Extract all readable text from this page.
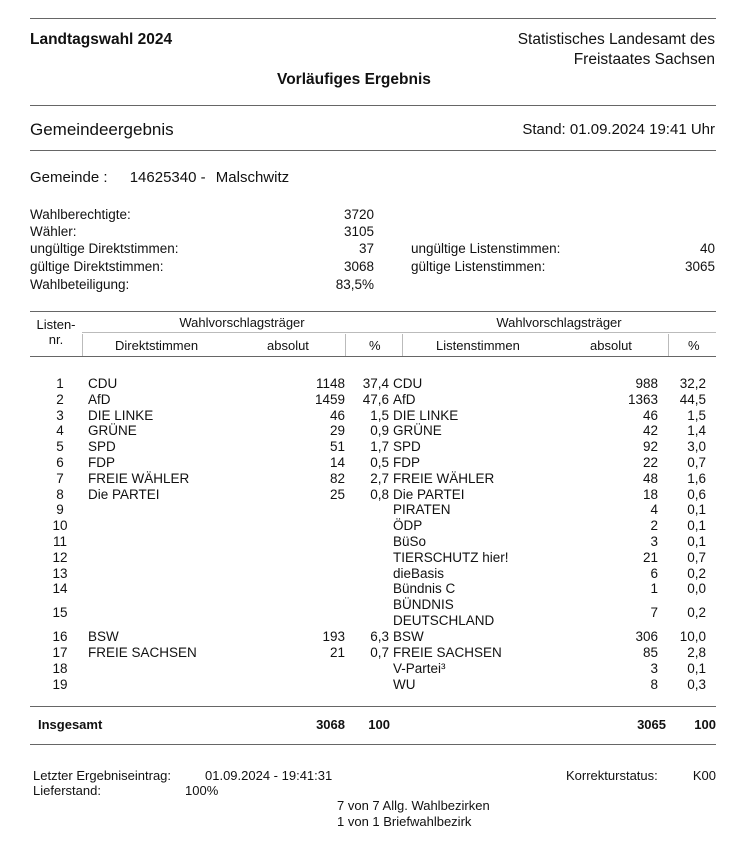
Landtagswahl 2024	Statistisches Landesamt des
Freistaates Sachsen
Vorläufiges Ergebnis
Gemeindeergebnis	Stand: 01.09.2024 19:41 Uhr
Gemeinde : 14625340 - Malschwitz
Wahlberechtigte:	3720
Wähler:	3105
ungültige Direktstimmen:	37
gültige Direktstimmen:	3068
Wahlbeteiligung:	83,5%
ungültige Listenstimmen:	40
gültige Listenstimmen:	3065
Listen-
nr.
Wahlvorschlagsträger	Wahlvorschlagsträger
Direktstimmen	absolut	%	Listenstimmen	absolut	%
1	CDU	1148	37,4	CDU	988	32,2
2	AfD	1459	47,6	AfD	1363	44,5
3	DIE LINKE	46	1,5	DIE LINKE	46	1,5
4	GRÜNE	29	0,9	GRÜNE	42	1,4
5	SPD	51	1,7	SPD	92	3,0
6	FDP	14	0,5	FDP	22	0,7
7	FREIE WÄHLER	82	2,7	FREIE WÄHLER	48	1,6
8	Die PARTEI	25	0,8	Die PARTEI	18	0,6
9				PIRATEN	4	0,1
10				ÖDP	2	0,1
11				BüSo	3	0,1
12				TIERSCHUTZ hier!	21	0,7
13				dieBasis	6	0,2
14				Bündnis C	1	0,0
15				BÜNDNIS
DEUTSCHLAND	7	0,2
16	BSW	193	6,3	BSW	306	10,0
17	FREIE SACHSEN	21	0,7	FREIE SACHSEN	85	2,8
18				V-Partei³	3	0,1
19				WU	8	0,3
Insgesamt	3068	100	3065	100
Letzter Ergebniseintrag:	01.09.2024 - 19:41:31	Korrekturstatus:	K00
Lieferstand:	100%
7 von 7 Allg. Wahlbezirken
1 von 1 Briefwahlbezirk
